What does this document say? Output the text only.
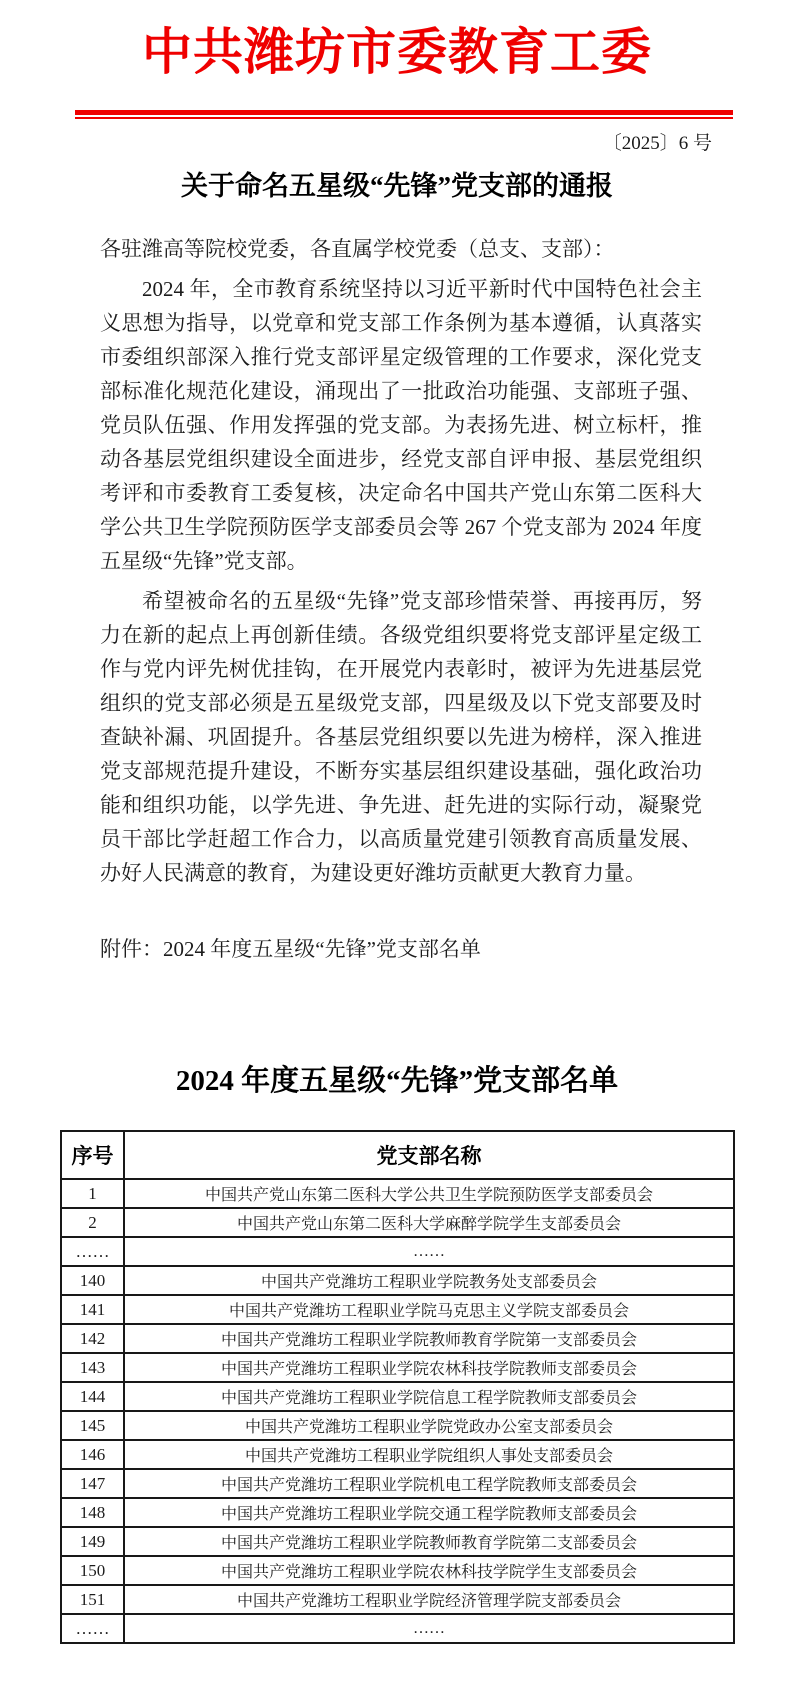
中共潍坊市委教育工委
〔2025〕6 号
关于命名五星级“先锋”党支部的通报

各驻潍高等院校党委，各直属学校党委（总支、支部）：

2024 年，全市教育系统坚持以习近平新时代中国特色社会主义思想为指导，以党章和党支部工作条例为基本遵循，认真落实市委组织部深入推行党支部评星定级管理的工作要求，深化党支部标准化规范化建设，涌现出了一批政治功能强、支部班子强、党员队伍强、作用发挥强的党支部。为表扬先进、树立标杆，推动各基层党组织建设全面进步，经党支部自评申报、基层党组织考评和市委教育工委复核，决定命名中国共产党山东第二医科大学公共卫生学院预防医学支部委员会等 267 个党支部为 2024 年度五星级“先锋”党支部。

希望被命名的五星级“先锋”党支部珍惜荣誉、再接再厉，努力在新的起点上再创新佳绩。各级党组织要将党支部评星定级工作与党内评先树优挂钩，在开展党内表彰时，被评为先进基层党组织的党支部必须是五星级党支部，四星级及以下党支部要及时查缺补漏、巩固提升。各基层党组织要以先进为榜样，深入推进党支部规范提升建设，不断夯实基层组织建设基础，强化政治功能和组织功能，以学先进、争先进、赶先进的实际行动，凝聚党员干部比学赶超工作合力，以高质量党建引领教育高质量发展、办好人民满意的教育，为建设更好潍坊贡献更大教育力量。

附件：2024 年度五星级“先锋”党支部名单

2024 年度五星级“先锋”党支部名单
序号	党支部名称
1	中国共产党山东第二医科大学公共卫生学院预防医学支部委员会
2	中国共产党山东第二医科大学麻醉学院学生支部委员会
……	……
140	中国共产党潍坊工程职业学院教务处支部委员会
141	中国共产党潍坊工程职业学院马克思主义学院支部委员会
142	中国共产党潍坊工程职业学院教师教育学院第一支部委员会
143	中国共产党潍坊工程职业学院农林科技学院教师支部委员会
144	中国共产党潍坊工程职业学院信息工程学院教师支部委员会
145	中国共产党潍坊工程职业学院党政办公室支部委员会
146	中国共产党潍坊工程职业学院组织人事处支部委员会
147	中国共产党潍坊工程职业学院机电工程学院教师支部委员会
148	中国共产党潍坊工程职业学院交通工程学院教师支部委员会
149	中国共产党潍坊工程职业学院教师教育学院第二支部委员会
150	中国共产党潍坊工程职业学院农林科技学院学生支部委员会
151	中国共产党潍坊工程职业学院经济管理学院支部委员会
……	……
